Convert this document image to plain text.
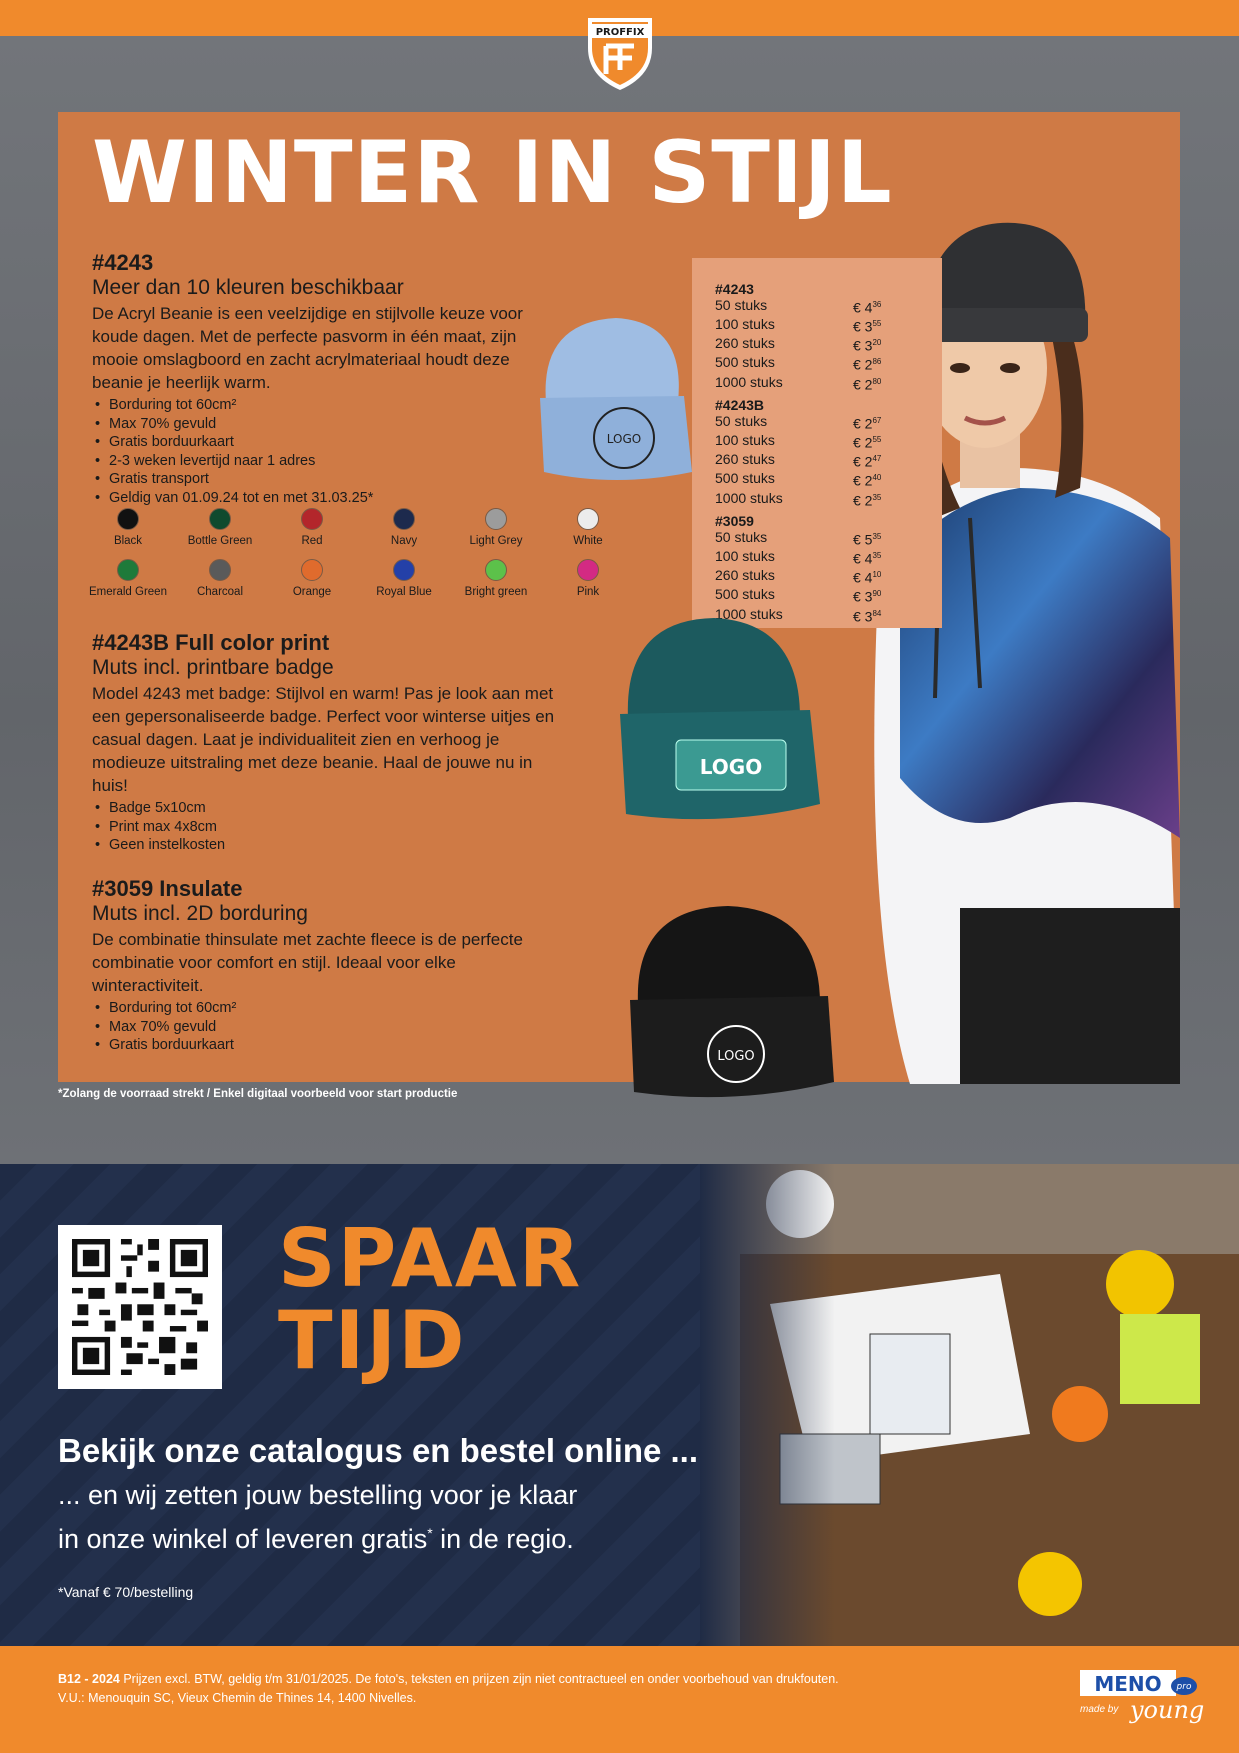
PROFFIX
WINTER IN STIJL
#4243
Meer dan 10 kleuren beschikbaar
De Acryl Beanie is een veelzijdige en stijlvolle keuze voor koude dagen. Met de perfecte pasvorm in één maat, zijn mooie omslagboord en zacht acrylmateriaal houdt deze beanie je heerlijk warm.
• Borduring tot 60cm²
• Max 70% gevuld
• Gratis borduurkaart
• 2-3 weken levertijd naar 1 adres
• Gratis transport
• Geldig van 01.09.24 tot en met 31.03.25*
Black	Bottle Green	Red	Navy	Light Grey	White
Emerald Green	Charcoal	Orange	Royal Blue	Bright green	Pink
#4243B Full color print
Muts incl. printbare badge
Model 4243 met badge: Stijlvol en warm! Pas je look aan met een gepersonaliseerde badge. Perfect voor winterse uitjes en casual dagen. Laat je individualiteit zien en verhoog je modieuze uitstraling met deze beanie. Haal de jouwe nu in huis!
• Badge 5x10cm
• Print max 4x8cm
• Geen instelkosten
#3059 Insulate
Muts incl. 2D borduring
De combinatie thinsulate met zachte fleece is de perfecte combinatie voor comfort en stijl. Ideaal voor elke winteractiviteit.
• Borduring tot 60cm²
• Max 70% gevuld
• Gratis borduurkaart
#4243
50 stuks	€ $4^{36}$
100 stuks	€ $3^{55}$
260 stuks	€ $3^{20}$
500 stuks	€ $2^{86}$
1000 stuks	€ $2^{80}$
#4243B
50 stuks	€ $2^{67}$
100 stuks	€ $2^{55}$
260 stuks	€ $2^{47}$
500 stuks	€ $2^{40}$
1000 stuks	€ $2^{35}$
#3059
50 stuks	€ $5^{35}$
100 stuks	€ $4^{35}$
260 stuks	€ $4^{10}$
500 stuks	€ $3^{90}$
1000 stuks	€ $3^{84}$
LOGO
LOGO
LOGO
*Zolang de voorraad strekt / Enkel digitaal voorbeeld voor start productie
SPAAR
TIJD
Bekijk onze catalogus en bestel online ...
... en wij zetten jouw bestelling voor je klaar
in onze winkel of leveren gratis* in de regio.
*Vanaf € 70/bestelling
B12 - 2024 Prijzen excl. BTW, geldig t/m 31/01/2025. De foto's, teksten en prijzen zijn niet contractueel en onder voorbehoud van drukfouten.
V.U.: Menouquin SC, Vieux Chemin de Thines 14, 1400 Nivelles.
MENO pro
made by young
